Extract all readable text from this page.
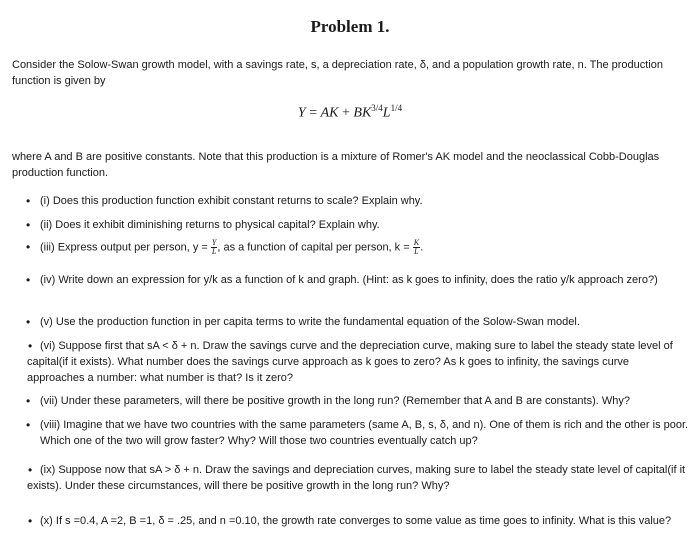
Problem 1.
Consider the Solow-Swan growth model, with a savings rate, s, a depreciation rate, δ, and a population growth rate, n. The production function is given by
Y = AK + $BK^{3/4}L^{1/4}$
where A and B are positive constants. Note that this production is a mixture of Romer's AK model and the neoclassical Cobb-Douglas production function.
• (i) Does this production function exhibit constant returns to scale? Explain why.
• (ii) Does it exhibit diminishing returns to physical capital? Explain why.
• (iii) Express output per person, $y = \frac{Y}{L}$ , as a function of capital per person, $k = \frac{K}{L}$ .
• (iv) Write down an expression for y/k as a function of k and graph. (Hint: as k goes to infinity, does the ratio y/k approach zero?)
• (v) Use the production function in per capita terms to write the fundamental equation of the Solow-Swan model.
• (vi) Suppose first that sA < δ + n. Draw the savings curve and the depreciation curve, making sure to label the steady state level of capital(if it exists). What number does the savings curve approach as k goes to zero? As k goes to infinity, the savings curve approaches a number: what number is that? Is it zero?
• (vii) Under these parameters, will there be positive growth in the long run? (Remember that A and B are constants). Why?
• (viii) Imagine that we have two countries with the same parameters (same A, B, s, δ, and n). One of them is rich and the other is poor. Which one of the two will grow faster? Why? Will those two countries eventually catch up?
• (ix) Suppose now that sA > δ + n. Draw the savings and depreciation curves, making sure to label the steady state level of capital(if it exists). Under these circumstances, will there be positive growth in the long run? Why?
• (x) If s =0.4, A =2, B =1, δ = .25, and n =0.10, the growth rate converges to some value as time goes to infinity. What is this value?
